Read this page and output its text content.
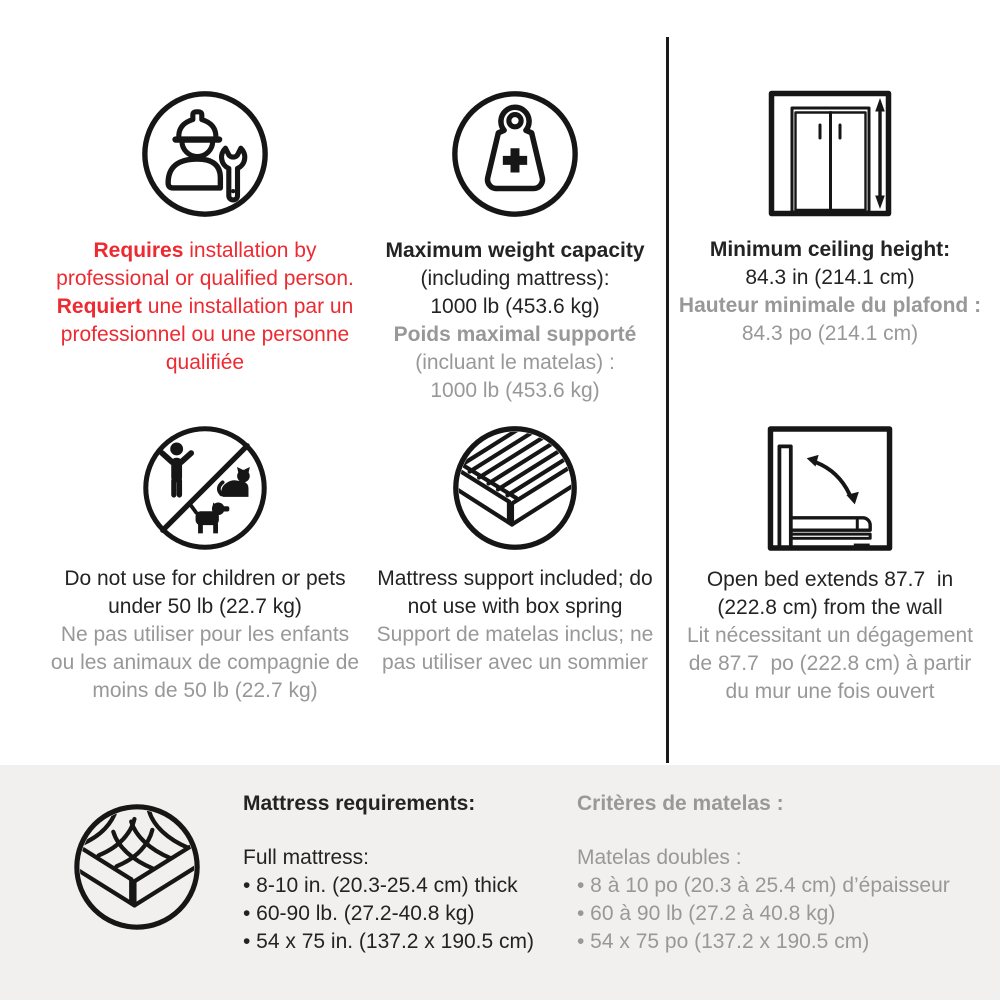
Requires installation by
professional or qualified person.
Requiert une installation par un
professionnel ou une personne
qualifiée
Maximum weight capacity
(including mattress):
1000 lb (453.6 kg)
Poids maximal supporté
(incluant le matelas) :
1000 lb (453.6 kg)
Minimum ceiling height:
84.3 in (214.1 cm)
Hauteur minimale du plafond :
84.3 po (214.1 cm)
Do not use for children or pets
under 50 lb (22.7 kg)
Ne pas utiliser pour les enfants
ou les animaux de compagnie de
moins de 50 lb (22.7 kg)
Mattress support included; do
not use with box spring
Support de matelas inclus; ne
pas utiliser avec un sommier
Open bed extends 87.7  in
(222.8 cm) from the wall
Lit nécessitant un dégagement
de 87.7  po (222.8 cm) à partir
du mur une fois ouvert
Mattress requirements:
Full mattress:
• 8-10 in. (20.3-25.4 cm) thick
• 60-90 lb. (27.2-40.8 kg)
• 54 x 75 in. (137.2 x 190.5 cm)
Critères de matelas :
Matelas doubles :
• 8 à 10 po (20.3 à 25.4 cm) d’épaisseur
• 60 à 90 lb (27.2 à 40.8 kg)
• 54 x 75 po (137.2 x 190.5 cm)
